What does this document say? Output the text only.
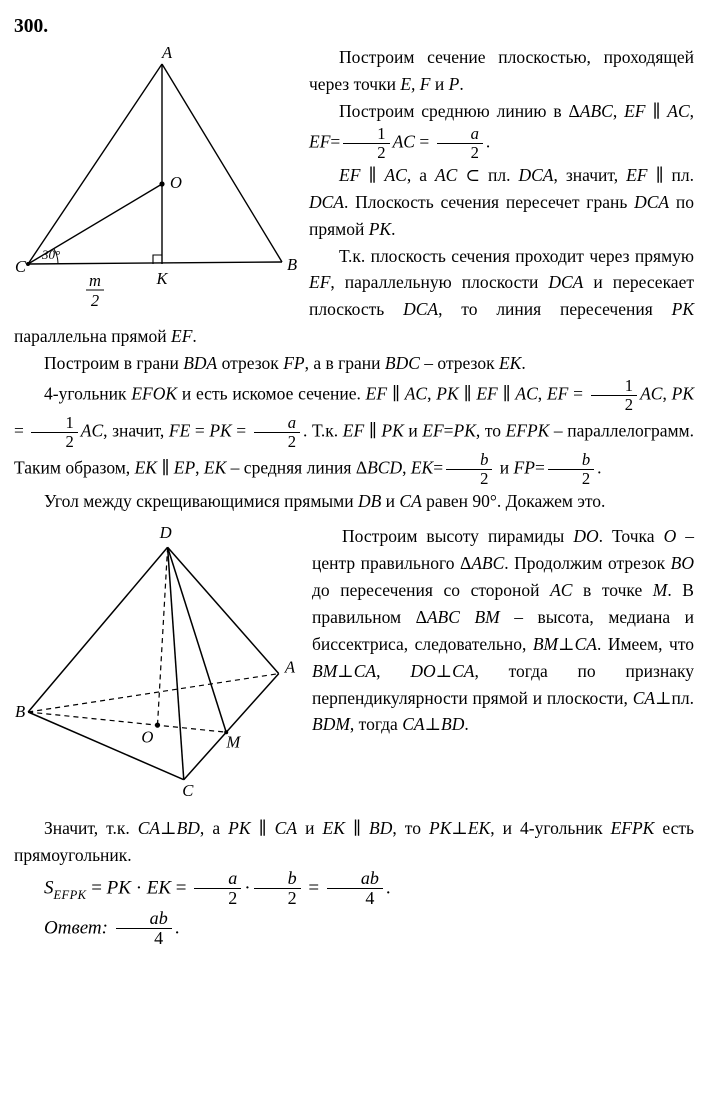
300.
A
O
C	B
K
30°
m
2

Построим сечение плоскостью, проходящей через точки E, F и P.

Построим среднюю линию в ΔABC, EF ∥ AC, $EF= \frac{1}{2}$ AC = $\frac{a}{2}$ .

EF ∥ AC, а AC ⊂ пл. DCA, значит, EF ∥ пл. DCA. Плоскость сечения пересечет грань DCA по прямой PK.

Т.к. плоскость сечения проходит через прямую EF, параллельную плоскости DCA и пересекает плоскость DCA, то линия пересечения PK параллельна прямой EF.

Построим в грани BDA отрезок FP, а в грани BDC – отрезок EK.

4-угольник EFOK и есть искомое сечение. EF ∥ AC, PK ∥ EF ∥ AC, EF = $\frac{1}{2}$ AC, PK = $\frac{1}{2}$ AC, значит, FE = PK = $\frac{a}{2}$ . Т.к. EF ∥ PK и EF=PK, то EFPK – параллелограмм. Таким образом, EK ∥ EP, EK – средняя линия ΔBCD, $EK= \frac{b}{2}$ и $FP= \frac{b}{2}$ .

Угол между скрещивающимися прямыми DB и CA равен 90°. Докажем это.

D
B
A
C
O	M

Построим высоту пирамиды DO. Точка O – центр правильного ΔABC. Продолжим отрезок BO до пересечения со стороной AC в точке M. В правильном ΔABC BM – высота, медиана и биссектриса, следовательно, BM⊥CA. Имеем, что BM⊥CA, DO⊥CA, тогда по признаку перпендикулярности прямой и плоскости, CA⊥пл. BDM, тогда CA⊥BD.

Значит, т.к. CA⊥BD, а PK ∥ CA и EK ∥ BD, то PK⊥EK, и 4-угольник EFPK есть прямоугольник.

$S_{EFPK}$ = PK · EK = $\frac{a}{2} \cdot \frac{b}{2} = \frac{ab}{4}$ .

Ответ: $\frac{ab}{4}$ .
